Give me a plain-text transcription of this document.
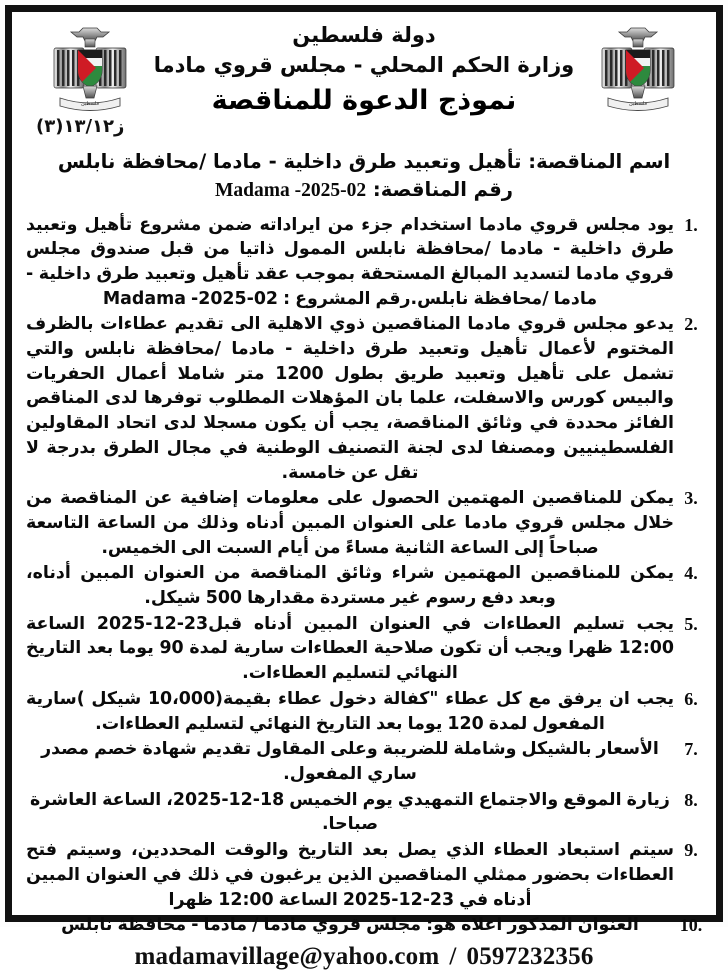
فلسطين	فلسطين
دولة فلسطين
وزارة الحكم المحلي - مجلس قروي مادما
نموذج الدعوة للمناقصة
ز١٣/١٢(٣)
اسم المناقصة: تأهيل وتعبيد طرق داخلية - مادما /محافظة نابلس
رقم المناقصة: Madama -2025-02
1.
يود مجلس قروي مادما استخدام جزء من ايراداته ضمن مشروع تأهيل وتعبيد طرق داخلية - مادما /محافظة نابلس الممول ذاتيا من قبل صندوق مجلس قروي مادما لتسديد المبالغ المستحقة بموجب عقد تأهيل وتعبيد طرق داخلية - مادما /محافظة نابلس.رقم المشروع : Madama -2025-02
2.
يدعو مجلس قروي مادما المناقصين ذوي الاهلية الى تقديم عطاءات بالظرف المختوم لأعمال تأهيل وتعبيد طرق داخلية - مادما /محافظة نابلس والتي تشمل على تأهيل وتعبيد طريق بطول 1200 متر شاملا أعمال الحفريات والبيس كورس والاسفلت، علما بان المؤهلات المطلوب توفرها لدى المناقص الفائز محددة في وثائق المناقصة، يجب أن يكون مسجلا لدى اتحاد المقاولين الفلسطينيين ومصنفا لدى لجنة التصنيف الوطنية في مجال الطرق بدرجة لا تقل عن خامسة.
3.
يمكن للمناقصين المهتمين الحصول على معلومات إضافية عن المناقصة من خلال مجلس قروي مادما على العنوان المبين أدناه وذلك من الساعة التاسعة صباحاً إلى الساعة الثانية مساءً من أيام السبت الى الخميس.
4.
يمكن للمناقصين المهتمين شراء وثائق المناقصة من العنوان المبين أدناه، وبعد دفع رسوم غير مستردة مقدارها 500 شيكل.
5.
يجب تسليم العطاءات في العنوان المبين أدناه قبل23-12-2025 الساعة 12:00 ظهرا ويجب أن تكون صلاحية العطاءات سارية لمدة 90 يوما بعد التاريخ النهائي لتسليم العطاءات.
6.
يجب ان يرفق مع كل عطاء "كفالة دخول عطاء بقيمة(10،000 شيكل )سارية المفعول لمدة 120 يوما بعد التاريخ النهائي لتسليم العطاءات.
7.
الأسعار بالشيكل وشاملة للضريبة وعلى المقاول تقديم شهادة خصم مصدر ساري المفعول.
8.
زيارة الموقع والاجتماع التمهيدي يوم الخميس 18-12-2025، الساعة العاشرة صباحا.
9.
سيتم استبعاد العطاء الذي يصل بعد التاريخ والوقت المحددين، وسيتم فتح العطاءات بحضور ممثلي المناقصين الذين يرغبون في ذلك في العنوان المبين أدناه في 23-12-2025 الساعة 12:00 ظهرا
10.
العنوان المذكور اعلاه هو: مجلس قروي مادما / مادما - محافظة نابلس
madamavillage@yahoo.com / 0597232356
